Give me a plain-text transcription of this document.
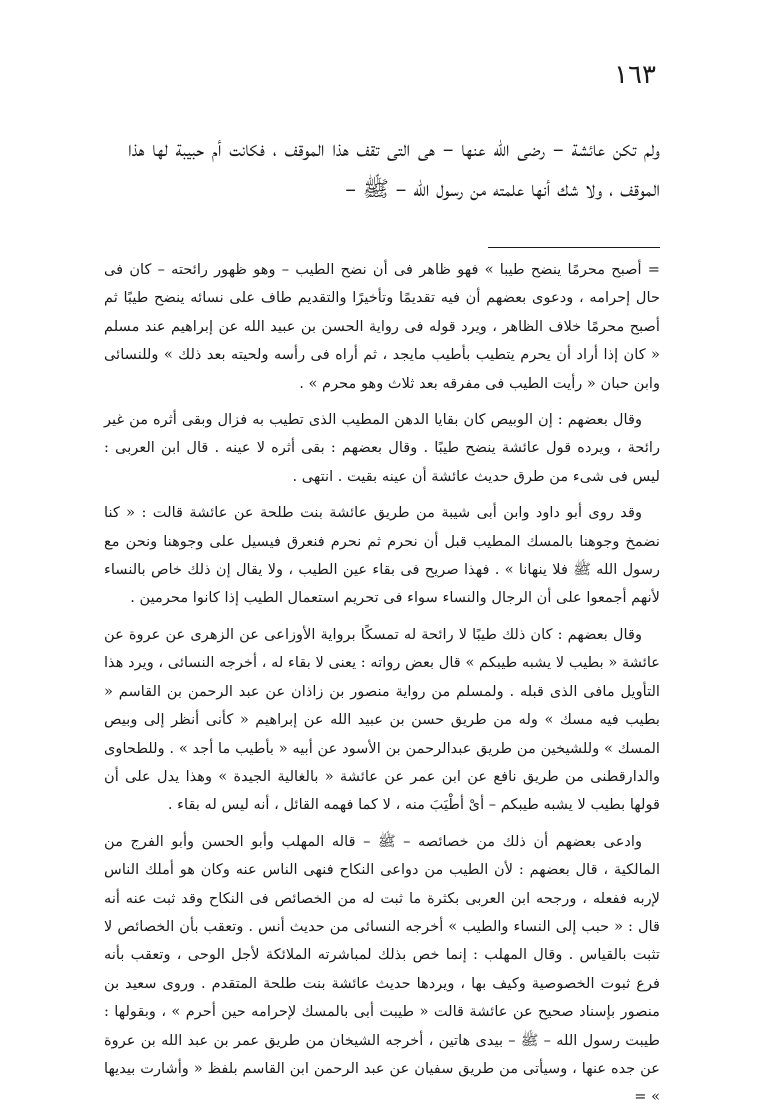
١٦٣

ولم تكن عائشة – رضى الله عنها – هى التى تقف هذا الموقف ، فكانت أم حبيبة لها هذا الموقف ، ولا شك أنها علمته من رسول الله – ﷺ –

= أصبح محرمًا ينضح طيبا » فهو ظاهر فى أن نضح الطيب – وهو ظهور رائحته – كان فى حال إحرامه ، ودعوى بعضهم أن فيه تقديمًا وتأخيرًا والتقديم طاف على نسائه ينضح طيبًا ثم أصبح محرمًا خلاف الظاهر ، ويرد قوله فى رواية الحسن بن عبيد الله عن إبراهيم عند مسلم « كان إذا أراد أن يحرم يتطيب بأطيب مايجد ، ثم أراه فى رأسه ولحيته بعد ذلك » وللنسائى وابن حبان « رأيت الطيب فى مفرقه بعد ثلاث وهو محرم » .

وقال بعضهم : إن الوبيص كان بقايا الدهن المطيب الذى تطيب به فزال وبقى أثره من غير رائحة ، ويرده قول عائشة ينضح طيبًا . وقال بعضهم : بقى أثره لا عينه . قال ابن العربى : ليس فى شىء من طرق حديث عائشة أن عينه بقيت . انتهى .

وقد روى أبو داود وابن أبى شيبة من طريق عائشة بنت طلحة عن عائشة قالت : « كنا نضمخ وجوهنا بالمسك المطيب قبل أن نحرم ثم نحرم فنعرق فيسيل على وجوهنا ونحن مع رسول الله ﷺ فلا ينهانا » . فهذا صريح فى بقاء عين الطيب ، ولا يقال إن ذلك خاص بالنساء لأنهم أجمعوا على أن الرجال والنساء سواء فى تحريم استعمال الطيب إذا كانوا محرمين .

وقال بعضهم : كان ذلك طيبًا لا رائحة له تمسكًا برواية الأوزاعى عن الزهرى عن عروة عن عائشة « بطيب لا يشبه طيبكم » قال بعض رواته : يعنى لا بقاء له ، أخرجه النسائى ، ويرد هذا التأويل مافى الذى قبله . ولمسلم من رواية منصور بن زاذان عن عبد الرحمن بن القاسم « بطيب فيه مسك » وله من طريق حسن بن عبيد الله عن إبراهيم « كأنى أنظر إلى وبيص المسك » وللشيخين من طريق عبدالرحمن بن الأسود عن أبيه « بأطيب ما أجد » . وللطحاوى والدارقطنى من طريق نافع عن ابن عمر عن عائشة « بالغالية الجيدة » وهذا يدل على أن قولها بطيب لا يشبه طيبكم – أىْ أطْيَبَ منه ، لا كما فهمه القائل ، أنه ليس له بقاء .

وادعى بعضهم أن ذلك من خصائصه – ﷺ – قاله المهلب وأبو الحسن وأبو الفرج من المالكية ، قال بعضهم : لأن الطيب من دواعى النكاح فنهى الناس عنه وكان هو أملك الناس لإربه ففعله ، ورجحه ابن العربى بكثرة ما ثبت له من الخصائص فى النكاح وقد ثبت عنه أنه قال : « حبب إلى النساء والطيب » أخرجه النسائى من حديث أنس . وتعقب بأن الخصائص لا تثبت بالقياس . وقال المهلب : إنما خص بذلك لمباشرته الملائكة لأجل الوحى ، وتعقب بأنه فرع ثبوت الخصوصية وكيف بها ، ويردها حديث عائشة بنت طلحة المتقدم . وروى سعيد بن منصور بإسناد صحيح عن عائشة قالت « طيبت أبى بالمسك لإحرامه حين أحرم » ، وبقولها : طيبت رسول الله – ﷺ – بيدى هاتين ، أخرجه الشيخان من طريق عمر بن عبد الله بن عروة عن جده عنها ، وسيأتى من طريق سفيان عن عبد الرحمن ابن القاسم بلفظ « وأشارت بيديها » =
